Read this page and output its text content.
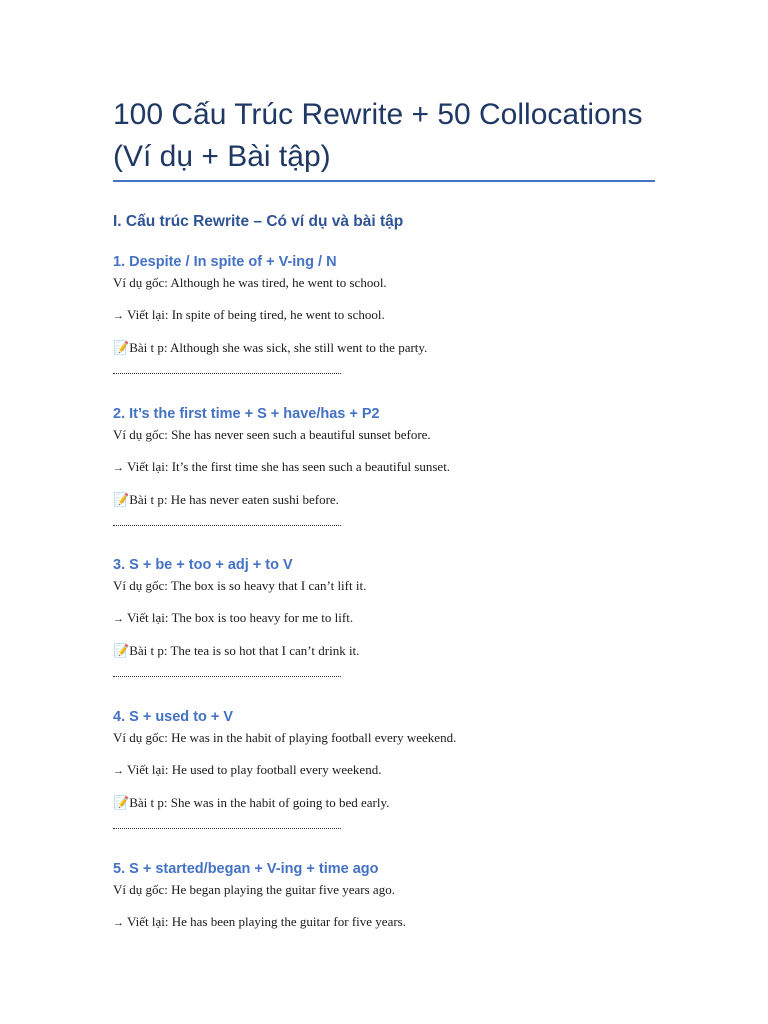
100 Cấu Trúc Rewrite + 50 Collocations (Ví dụ + Bài tập)
I. Cấu trúc Rewrite – Có ví dụ và bài tập
1. Despite / In spite of + V-ing / N
Ví dụ gốc: Although he was tired, he went to school.
→ Viết lại: In spite of being tired, he went to school.
📝Bài t p: Although she was sick, she still went to the party.
2. It’s the first time + S + have/has + P2
Ví dụ gốc: She has never seen such a beautiful sunset before.
→ Viết lại: It’s the first time she has seen such a beautiful sunset.
📝Bài t p: He has never eaten sushi before.
3. S + be + too + adj + to V
Ví dụ gốc: The box is so heavy that I can’t lift it.
→ Viết lại: The box is too heavy for me to lift.
📝Bài t p: The tea is so hot that I can’t drink it.
4. S + used to + V
Ví dụ gốc: He was in the habit of playing football every weekend.
→ Viết lại: He used to play football every weekend.
📝Bài t p: She was in the habit of going to bed early.
5. S + started/began + V-ing + time ago
Ví dụ gốc: He began playing the guitar five years ago.
→ Viết lại: He has been playing the guitar for five years.
